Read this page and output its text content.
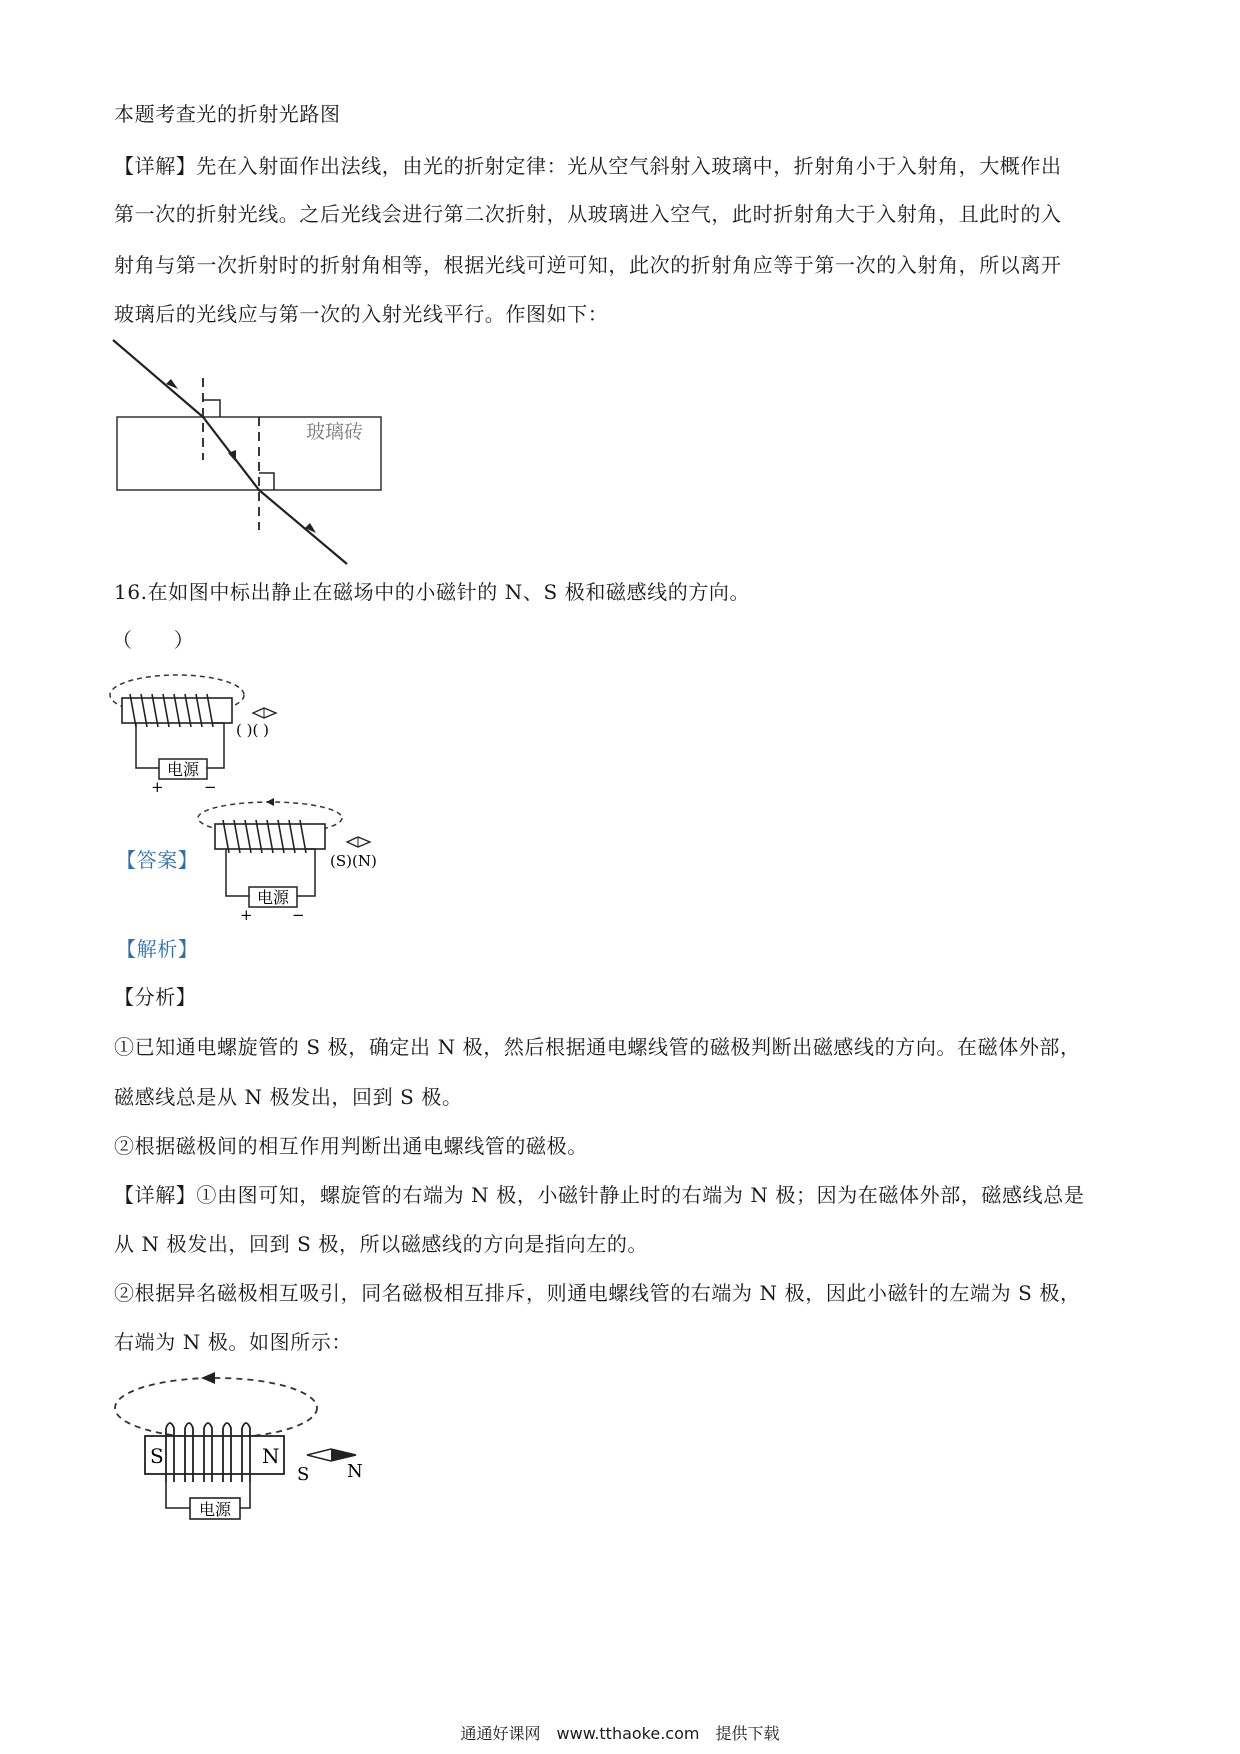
本题考查光的折射光路图
【详解】先在入射面作出法线，由光的折射定律：光从空气斜射入玻璃中，折射角小于入射角，大概作出
第一次的折射光线。之后光线会进行第二次折射，从玻璃进入空气，此时折射角大于入射角，且此时的入
射角与第一次折射时的折射角相等，根据光线可逆可知，此次的折射角应等于第一次的入射角，所以离开
玻璃后的光线应与第一次的入射光线平行。作图如下：
16.在如图中标出静止在磁场中的小磁针的 N、S 极和磁感线的方向。
（　　）
【答案】
【解析】
【分析】
①已知通电螺旋管的 S 极，确定出 N 极，然后根据通电螺线管的磁极判断出磁感线的方向。在磁体外部，
磁感线总是从 N 极发出，回到 S 极。
②根据磁极间的相互作用判断出通电螺线管的磁极。
【详解】①由图可知，螺旋管的右端为 N 极，小磁针静止时的右端为 N 极；因为在磁体外部，磁感线总是
从 N 极发出，回到 S 极，所以磁感线的方向是指向左的。
②根据异名磁极相互吸引，同名磁极相互排斥，则通电螺线管的右端为 N 极，因此小磁针的左端为 S 极，
右端为 N 极。如图所示：
通通好课网　www.tthaoke.com　提供下载
玻璃砖
电源
+	−
( )( )
电源
+	−
(S)(N)
S	N
电源
S N
